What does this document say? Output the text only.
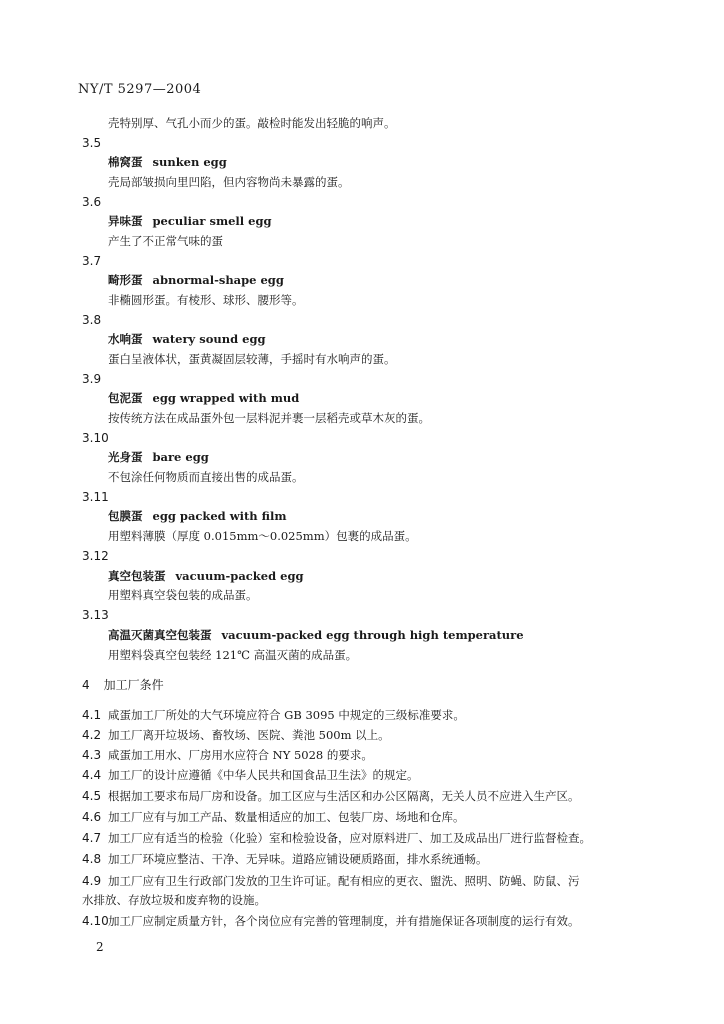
NY/T 5297—2004
壳特别厚、气孔小而少的蛋。敲检时能发出轻脆的响声。
3.5
棉窝蛋 sunken egg
壳局部皱损向里凹陷，但内容物尚未暴露的蛋。
3.6
异味蛋 peculiar smell egg
产生了不正常气味的蛋
3.7
畸形蛋 abnormal-shape egg
非椭圆形蛋。有棱形、球形、腰形等。
3.8
水响蛋 watery sound egg
蛋白呈液体状，蛋黄凝固层较薄，手摇时有水响声的蛋。
3.9
包泥蛋 egg wrapped with mud
按传统方法在成品蛋外包一层料泥并裹一层稻壳或草木灰的蛋。
3.10
光身蛋 bare egg
不包涂任何物质而直接出售的成品蛋。
3.11
包膜蛋 egg packed with film
用塑料薄膜（厚度 0.015mm～0.025mm）包裹的成品蛋。
3.12
真空包装蛋 vacuum-packed egg
用塑料真空袋包装的成品蛋。
3.13
高温灭菌真空包装蛋 vacuum-packed egg through high temperature
用塑料袋真空包装经 121℃ 高温灭菌的成品蛋。
4 加工厂条件
4.1 咸蛋加工厂所处的大气环境应符合 GB 3095 中规定的三级标准要求。
4.2 加工厂离开垃圾场、畜牧场、医院、粪池 500m 以上。
4.3 咸蛋加工用水、厂房用水应符合 NY 5028 的要求。
4.4 加工厂的设计应遵循《中华人民共和国食品卫生法》的规定。
4.5 根据加工要求布局厂房和设备。加工区应与生活区和办公区隔离，无关人员不应进入生产区。
4.6 加工厂应有与加工产品、数量相适应的加工、包装厂房、场地和仓库。
4.7 加工厂应有适当的检验（化验）室和检验设备，应对原料进厂、加工及成品出厂进行监督检查。
4.8 加工厂环境应整洁、干净、无异味。道路应铺设硬质路面，排水系统通畅。
4.9 加工厂应有卫生行政部门发放的卫生许可证。配有相应的更衣、盥洗、照明、防蝇、防鼠、污
水排放、存放垃圾和废弃物的设施。
4.10加工厂应制定质量方针，各个岗位应有完善的管理制度，并有措施保证各项制度的运行有效。
2
